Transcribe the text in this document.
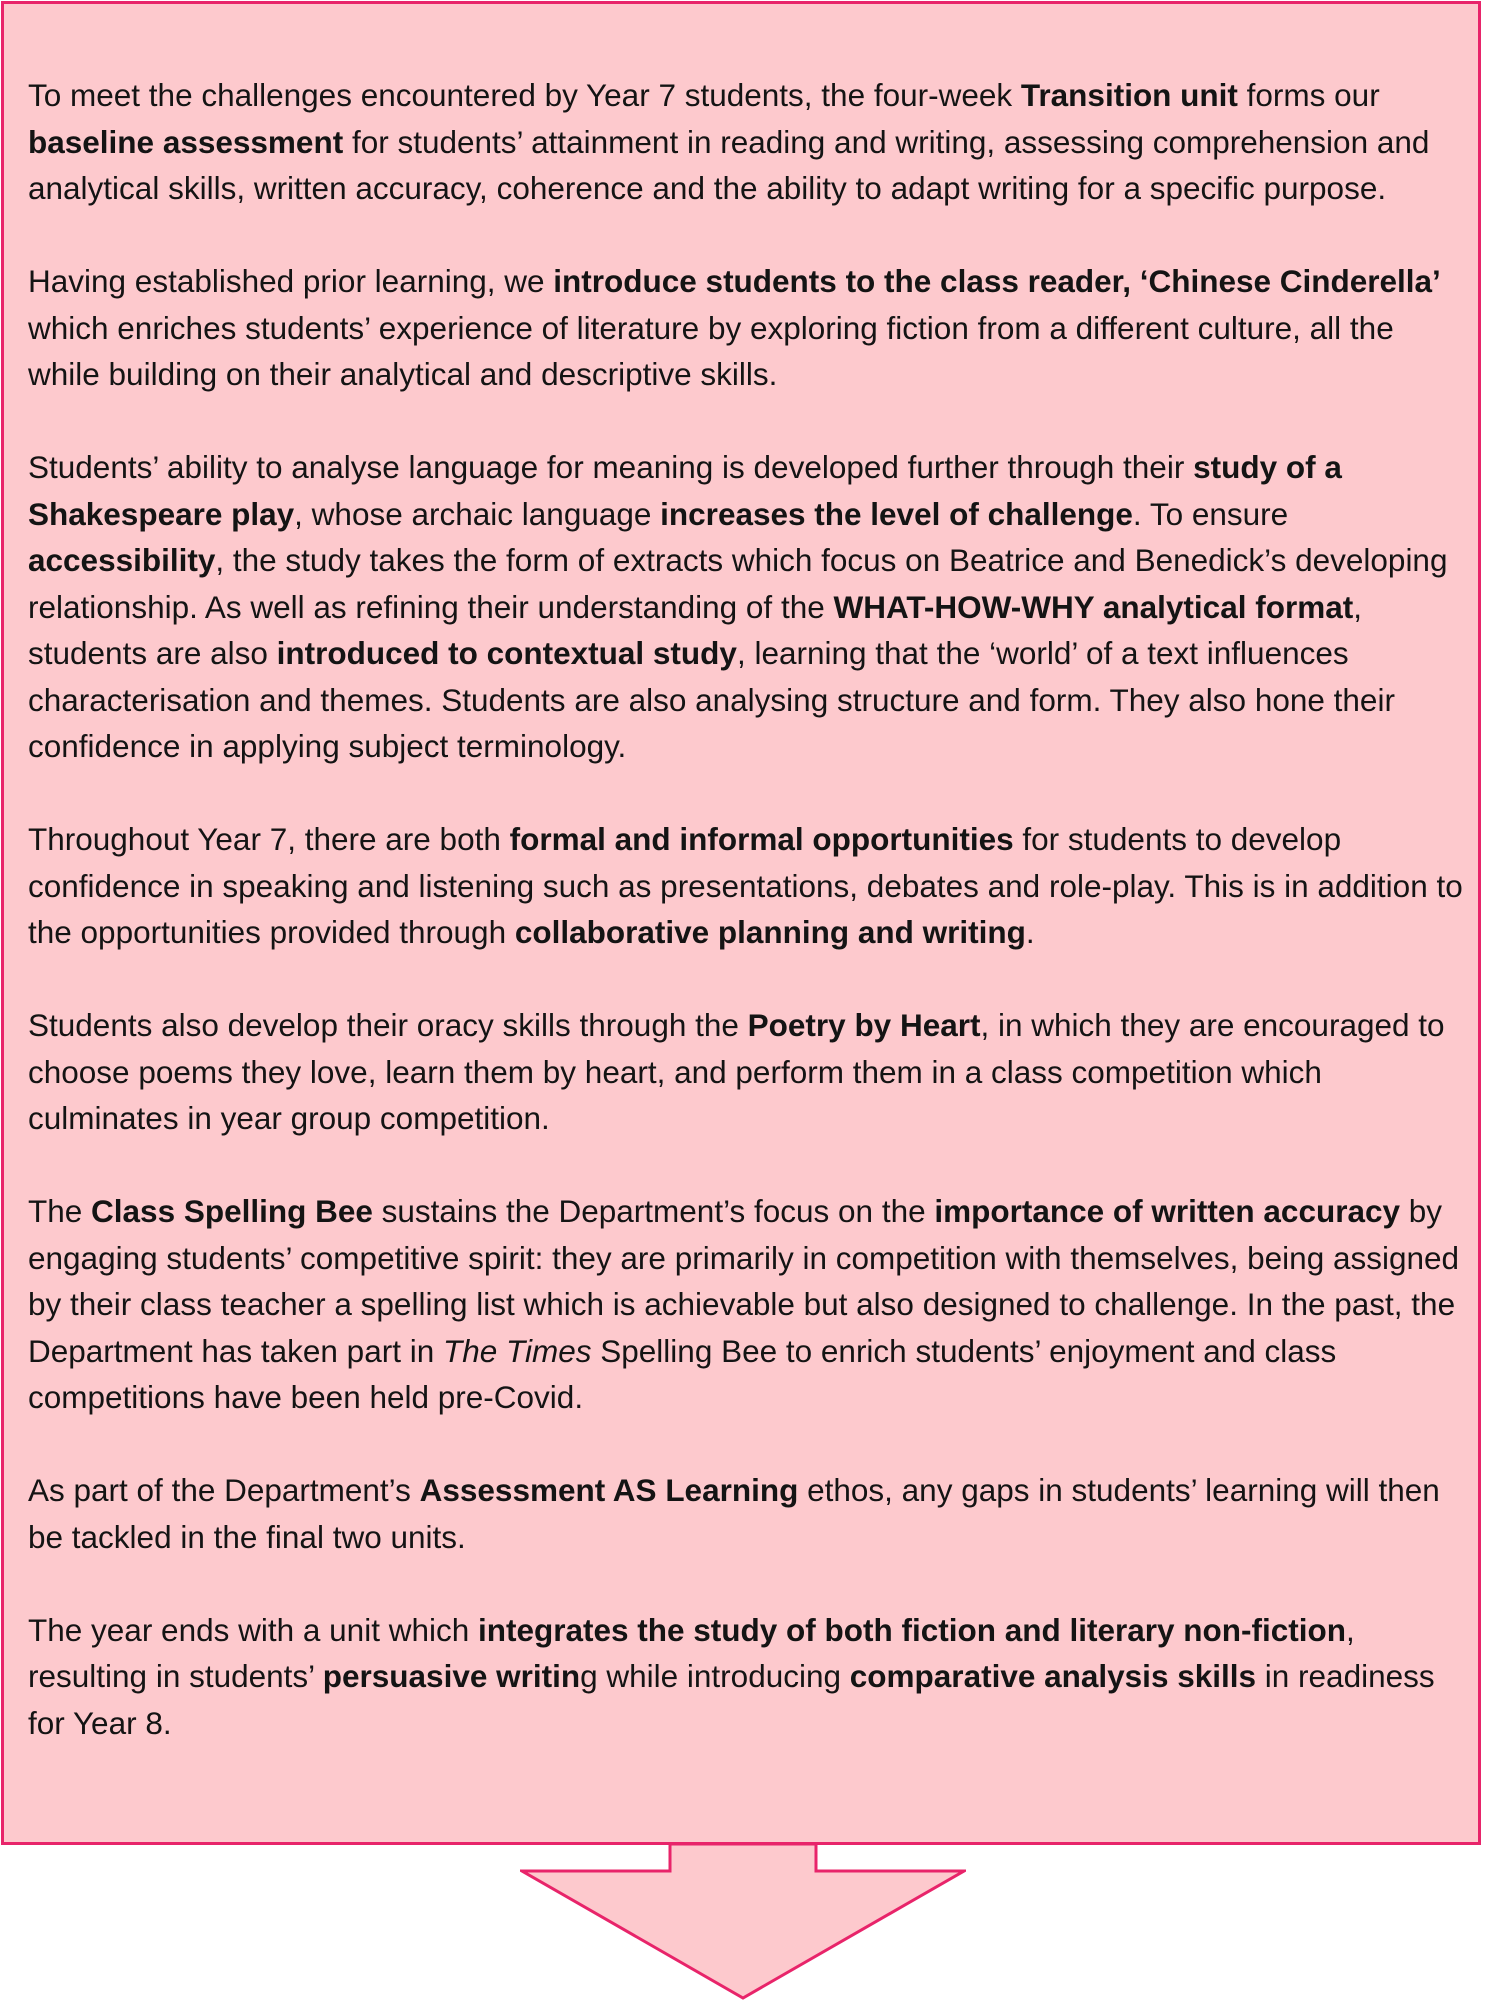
To meet the challenges encountered by Year 7 students, the four-week Transition unit forms our baseline assessment for students’ attainment in reading and writing, assessing comprehension and analytical skills, written accuracy, coherence and the ability to adapt writing for a specific purpose.

Having established prior learning, we introduce students to the class reader, ‘Chinese Cinderella’ which enriches students’ experience of literature by exploring fiction from a different culture, all the while building on their analytical and descriptive skills.

Students’ ability to analyse language for meaning is developed further through their study of a Shakespeare play, whose archaic language increases the level of challenge. To ensure accessibility, the study takes the form of extracts which focus on Beatrice and Benedick’s developing relationship. As well as refining their understanding of the WHAT-HOW-WHY analytical format, students are also introduced to contextual study, learning that the ‘world’ of a text influences characterisation and themes. Students are also analysing structure and form. They also hone their confidence in applying subject terminology.

Throughout Year 7, there are both formal and informal opportunities for students to develop confidence in speaking and listening such as presentations, debates and role-play. This is in addition to the opportunities provided through collaborative planning and writing.

Students also develop their oracy skills through the Poetry by Heart, in which they are encouraged to choose poems they love, learn them by heart, and perform them in a class competition which culminates in year group competition.

The Class Spelling Bee sustains the Department’s focus on the importance of written accuracy by engaging students’ competitive spirit: they are primarily in competition with themselves, being assigned by their class teacher a spelling list which is achievable but also designed to challenge. In the past, the Department has taken part in The Times Spelling Bee to enrich students’ enjoyment and class competitions have been held pre-Covid.

As part of the Department’s Assessment AS Learning ethos, any gaps in students’ learning will then be tackled in the final two units.

The year ends with a unit which integrates the study of both fiction and literary non-fiction, resulting in students’ persuasive writing while introducing comparative analysis skills in readiness for Year 8.
